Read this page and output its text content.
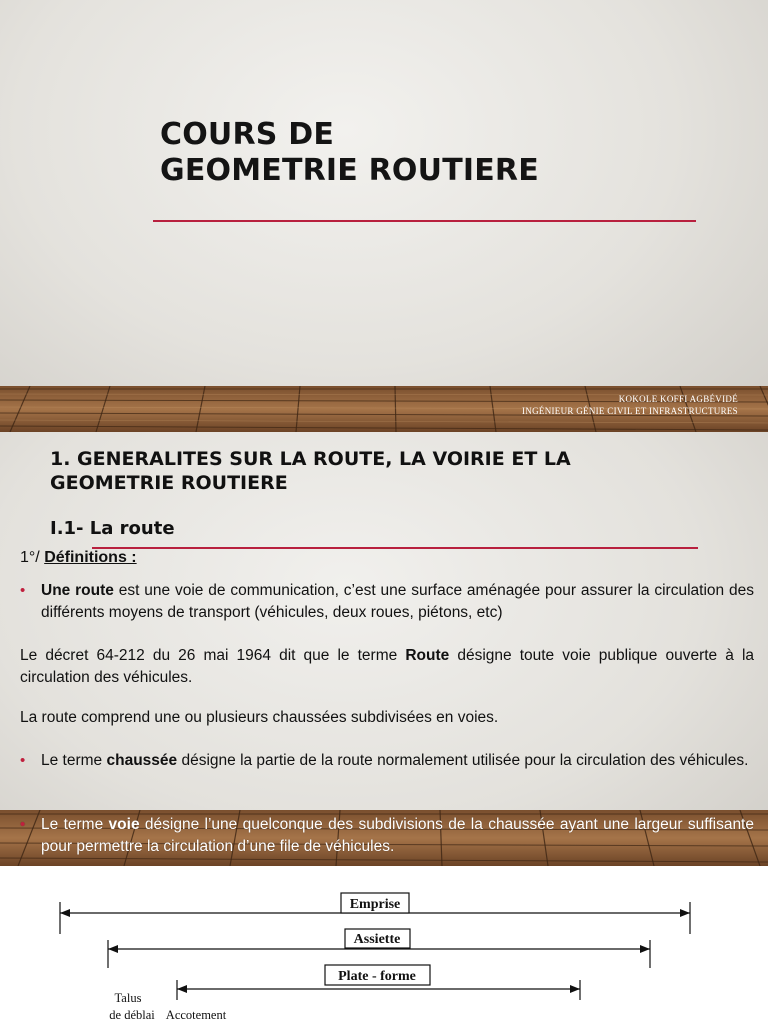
COURS DE
GEOMETRIE ROUTIERE
KOKOLE KOFFI AGBÉVIDÉ
INGÉNIEUR GÉNIE CIVIL ET INFRASTRUCTURES
1. GENERALITES SUR LA ROUTE, LA VOIRIE ET LA
GEOMETRIE ROUTIERE
I.1- La route
1°/ Définitions :
• Une route est une voie de communication, c’est une surface aménagée pour assurer la circulation des différents moyens de transport (véhicules, deux roues, piétons, etc)
Le décret 64-212 du 26 mai 1964 dit que le terme Route désigne toute voie publique ouverte à la circulation des véhicules.
La route comprend une ou plusieurs chaussées subdivisées en voies.
• Le terme chaussée désigne la partie de la route normalement utilisée pour la circulation des véhicules.
• Le terme voie désigne l’une quelconque des subdivisions de la chaussée ayant une largeur suffisante pour permettre la circulation d’une file de véhicules.
Emprise
Assiette
Plate - forme
Talus
de déblai Accotement
